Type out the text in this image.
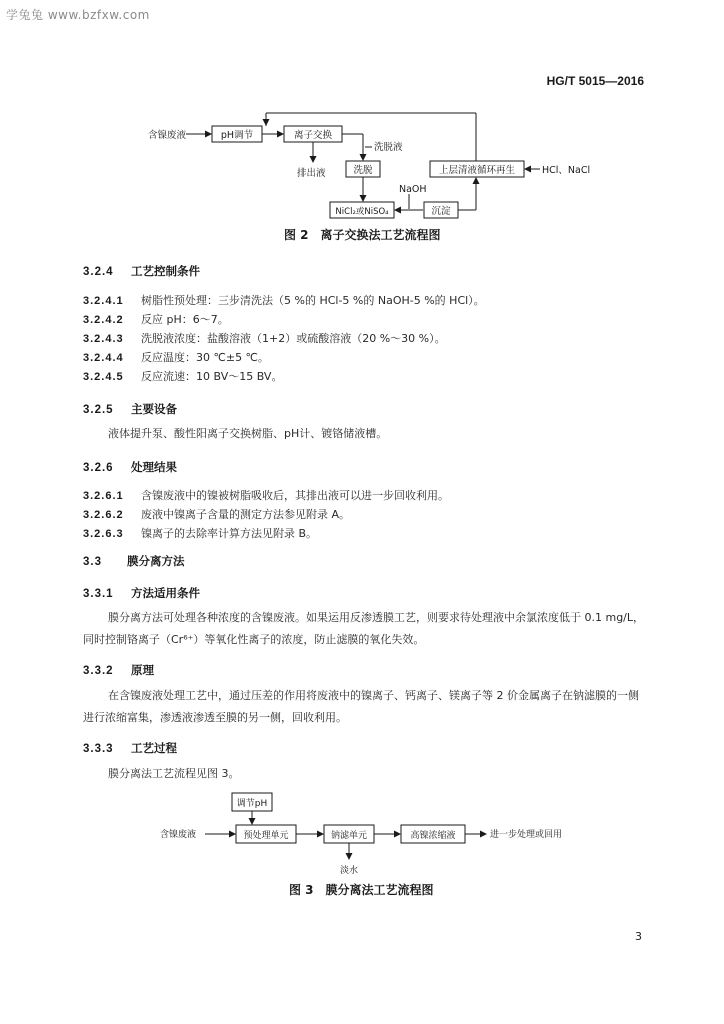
学兔兔 www.bzfxw.com
HG/T 5015—2016
含镍废液	pH调节	离子交换
洗脱液
排出液	洗脱	上层清液循环再生	HCl、NaCl
NaOH
NiCl₂或NiSO₄	沉淀
图 2　离子交换法工艺流程图
3.2.4 工艺控制条件
3.2.4.1 树脂性预处理：三步清洗法（5 %的 HCl-5 %的 NaOH-5 %的 HCl）。
3.2.4.2 反应 pH：6～7。
3.2.4.3 洗脱液浓度：盐酸溶液（1+2）或硫酸溶液（20 %～30 %）。
3.2.4.4 反应温度：30 ℃±5 ℃。
3.2.4.5 反应流速：10 BV～15 BV。
3.2.5 主要设备
液体提升泵、酸性阳离子交换树脂、pH计、镀铬储液槽。
3.2.6 处理结果
3.2.6.1 含镍废液中的镍被树脂吸收后，其排出液可以进一步回收利用。
3.2.6.2 废液中镍离子含量的测定方法参见附录 A。
3.2.6.3 镍离子的去除率计算方法见附录 B。
3.3 膜分离方法
3.3.1 方法适用条件
膜分离方法可处理各种浓度的含镍废液。如果运用反渗透膜工艺，则要求待处理液中余氯浓度低于 0.1 mg/L，同时控制铬离子（Cr⁶⁺）等氧化性离子的浓度，防止滤膜的氧化失效。
3.3.2 原理
在含镍废液处理工艺中，通过压差的作用将废液中的镍离子、钙离子、镁离子等 2 价金属离子在钠滤膜的一侧进行浓缩富集，渗透液渗透至膜的另一侧，回收利用。
3.3.3 工艺过程
膜分离法工艺流程见图 3。
含镍废液
调节pH
预处理单元	钠滤单元	高镍浓缩液	进一步处理或回用
淡水
图 3　膜分离法工艺流程图
3
